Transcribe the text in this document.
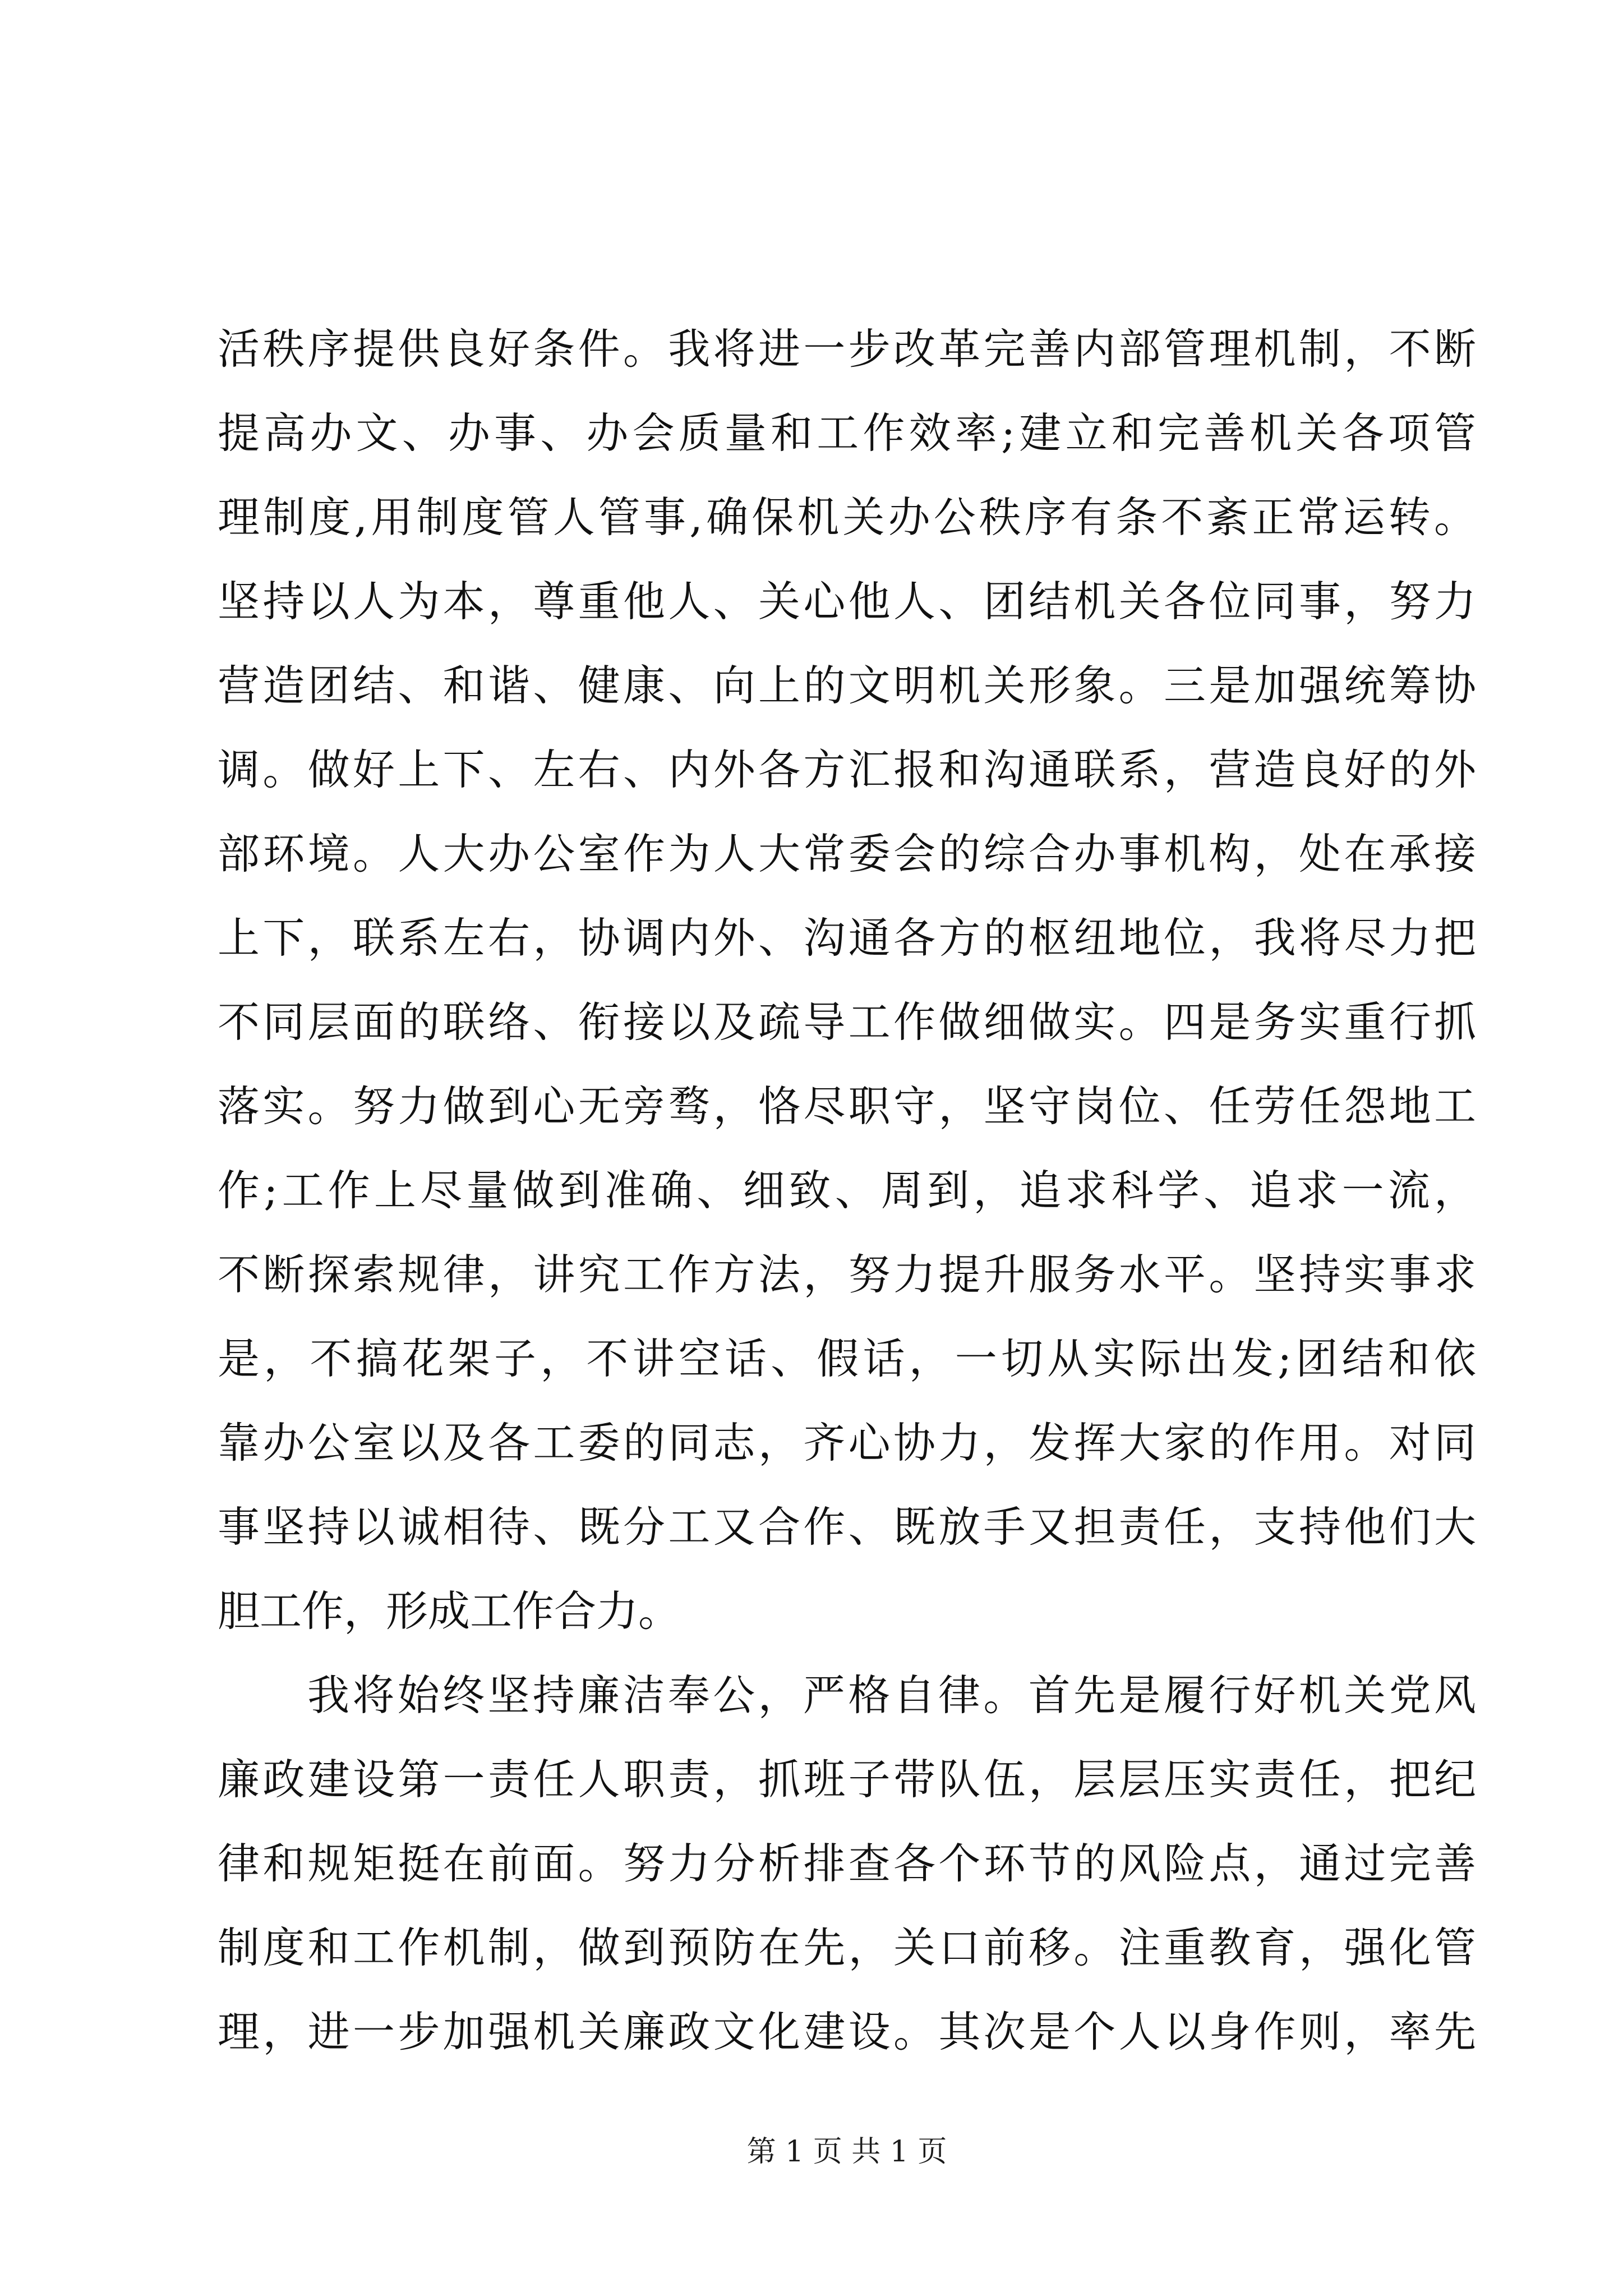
活秩序提供良好条件。我将进一步改革完善内部管理机制，不断
提高办文、办事、办会质量和工作效率;建立和完善机关各项管
理制度,用制度管人管事,确保机关办公秩序有条不紊正常运转。
坚持以人为本，尊重他人、关心他人、团结机关各位同事，努力
营造团结、和谐、健康、向上的文明机关形象。三是加强统筹协
调。做好上下、左右、内外各方汇报和沟通联系，营造良好的外
部环境。人大办公室作为人大常委会的综合办事机构，处在承接
上下，联系左右，协调内外、沟通各方的枢纽地位，我将尽力把
不同层面的联络、衔接以及疏导工作做细做实。四是务实重行抓
落实。努力做到心无旁骛，恪尽职守，坚守岗位、任劳任怨地工
作;工作上尽量做到准确、细致、周到，追求科学、追求一流，
不断探索规律，讲究工作方法，努力提升服务水平。坚持实事求
是，不搞花架子，不讲空话、假话，一切从实际出发;团结和依
靠办公室以及各工委的同志，齐心协力，发挥大家的作用。对同
事坚持以诚相待、既分工又合作、既放手又担责任，支持他们大
胆工作，形成工作合力。
我将始终坚持廉洁奉公，严格自律。首先是履行好机关党风
廉政建设第一责任人职责，抓班子带队伍，层层压实责任，把纪
律和规矩挺在前面。努力分析排查各个环节的风险点，通过完善
制度和工作机制，做到预防在先，关口前移。注重教育，强化管
理，进一步加强机关廉政文化建设。其次是个人以身作则，率先
第 1 页 共 1 页
